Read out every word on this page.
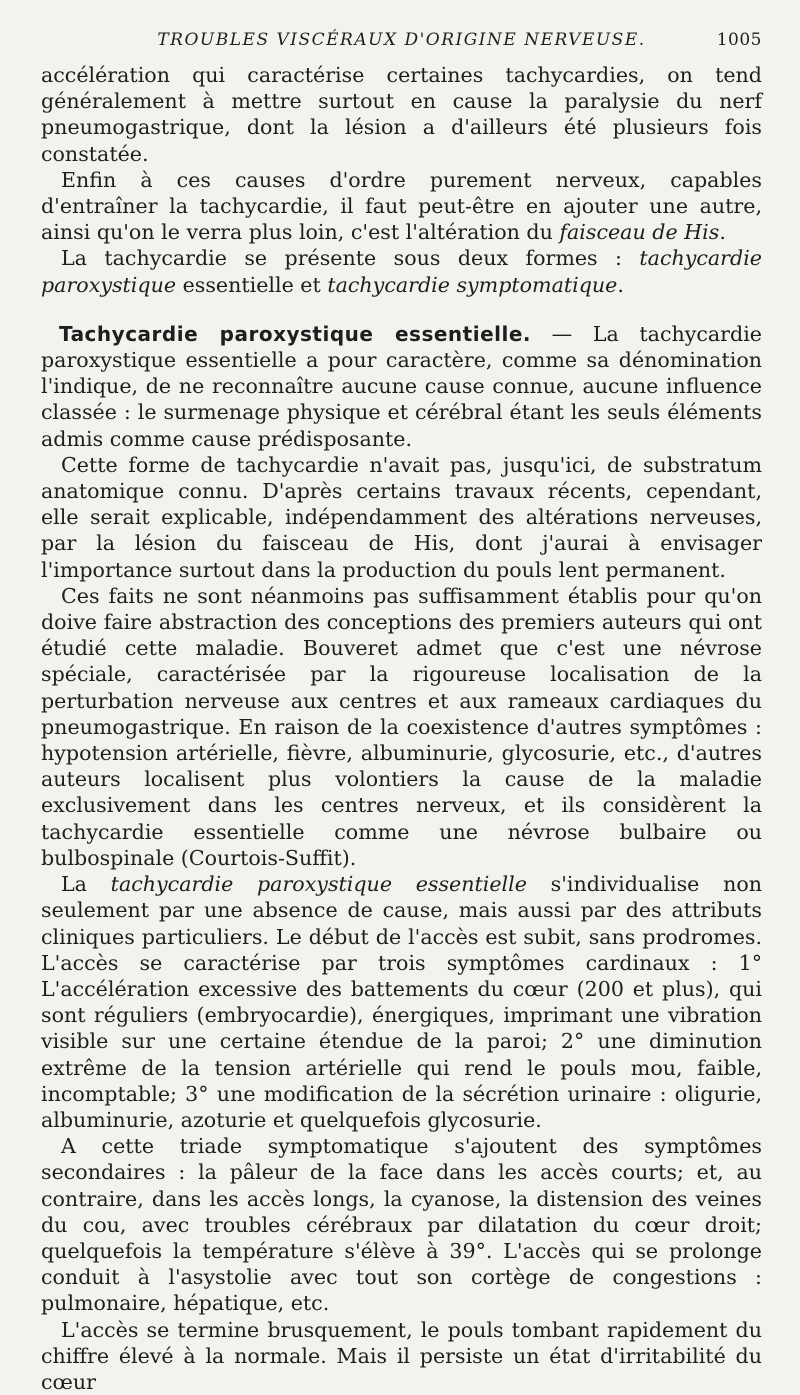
TROUBLES VISCÉRAUX D'ORIGINE NERVEUSE.	1005

accélération qui caractérise certaines tachycardies, on tend généralement à mettre surtout en cause la paralysie du nerf pneumogastrique, dont la lésion a d'ailleurs été plusieurs fois constatée.

Enfin à ces causes d'ordre purement nerveux, capables d'entraîner la tachycardie, il faut peut-être en ajouter une autre, ainsi qu'on le verra plus loin, c'est l'altération du faisceau de His.

La tachycardie se présente sous deux formes : tachycardie paroxystique essentielle et tachycardie symptomatique.

Tachycardie paroxystique essentielle. — La tachycardie paroxystique essentielle a pour caractère, comme sa dénomination l'indique, de ne reconnaître aucune cause connue, aucune influence classée : le surmenage physique et cérébral étant les seuls éléments admis comme cause prédisposante.

Cette forme de tachycardie n'avait pas, jusqu'ici, de substratum anatomique connu. D'après certains travaux récents, cependant, elle serait explicable, indépendamment des altérations nerveuses, par la lésion du faisceau de His, dont j'aurai à envisager l'importance surtout dans la production du pouls lent permanent.

Ces faits ne sont néanmoins pas suffisamment établis pour qu'on doive faire abstraction des conceptions des premiers auteurs qui ont étudié cette maladie. Bouveret admet que c'est une névrose spéciale, caractérisée par la rigoureuse localisation de la perturbation nerveuse aux centres et aux rameaux cardiaques du pneumogastrique. En raison de la coexistence d'autres symptômes : hypotension artérielle, fièvre, albuminurie, glycosurie, etc., d'autres auteurs localisent plus volontiers la cause de la maladie exclusivement dans les centres nerveux, et ils considèrent la tachycardie essentielle comme une névrose bulbaire ou bulbospinale (Courtois-Suffit).

La tachycardie paroxystique essentielle s'individualise non seulement par une absence de cause, mais aussi par des attributs cliniques particuliers. Le début de l'accès est subit, sans prodromes. L'accès se caractérise par trois symptômes cardinaux : 1° L'accélération excessive des battements du cœur (200 et plus), qui sont réguliers (embryocardie), énergiques, imprimant une vibration visible sur une certaine étendue de la paroi; 2° une diminution extrême de la tension artérielle qui rend le pouls mou, faible, incomptable; 3° une modification de la sécrétion urinaire : oligurie, albuminurie, azoturie et quelquefois glycosurie.

A cette triade symptomatique s'ajoutent des symptômes secondaires : la pâleur de la face dans les accès courts; et, au contraire, dans les accès longs, la cyanose, la distension des veines du cou, avec troubles cérébraux par dilatation du cœur droit; quelquefois la température s'élève à 39°. L'accès qui se prolonge conduit à l'asystolie avec tout son cortège de congestions : pulmonaire, hépatique, etc.

L'accès se termine brusquement, le pouls tombant rapidement du chiffre élevé à la normale. Mais il persiste un état d'irritabilité du cœur
